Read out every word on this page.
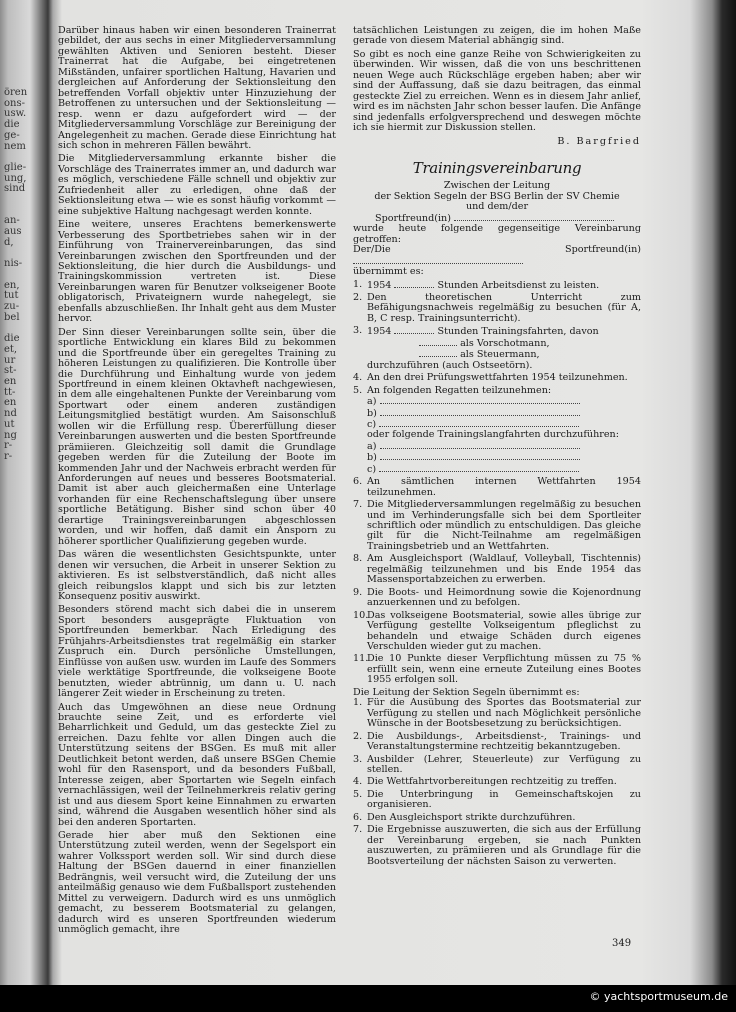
ören
ons-
usw.
die
ge-
nem

glie-
ung,
sind

an-
aus
d,

nis-

en,
tut
zu-
bel

die
et,
ur
st-
en
tt-
en
nd
ut
ng
r-
r-

Darüber hinaus haben wir einen besonderen Trainerrat gebildet, der aus sechs in einer Mitgliederversammlung gewählten Aktiven und Senioren besteht. Dieser Trainerrat hat die Aufgabe, bei eingetretenen Mißständen, unfairer sportlichen Haltung, Havarien und dergleichen auf Anforderung der Sektionsleitung den betreffenden Vorfall objektiv unter Hinzuziehung der Betroffenen zu untersuchen und der Sektionsleitung — resp. wenn er dazu aufgefordert wird — der Mitgliederversammlung Vorschläge zur Bereinigung der Angelegenheit zu machen. Gerade diese Einrichtung hat sich schon in mehreren Fällen bewährt.

Die Mitgliederversammlung erkannte bisher die Vorschläge des Trainerrates immer an, und dadurch war es möglich, verschiedene Fälle schnell und objektiv zur Zufriedenheit aller zu erledigen, ohne daß der Sektionsleitung etwa — wie es sonst häufig vorkommt — eine subjektive Haltung nachgesagt werden konnte.

Eine weitere, unseres Erachtens bemerkenswerte Verbesserung des Sportbetriebes sahen wir in der Einführung von Trainervereinbarungen, das sind Vereinbarungen zwischen den Sportfreunden und der Sektionsleitung, die hier durch die Ausbildungs- und Trainingskommission vertreten ist. Diese Vereinbarungen waren für Benutzer volkseigener Boote obligatorisch, Privateignern wurde nahegelegt, sie ebenfalls abzuschließen. Ihr Inhalt geht aus dem Muster hervor.

Der Sinn dieser Vereinbarungen sollte sein, über die sportliche Entwicklung ein klares Bild zu bekommen und die Sportfreunde über ein geregeltes Training zu höheren Leistungen zu qualifizieren. Die Kontrolle über die Durchführung und Einhaltung wurde von jedem Sportfreund in einem kleinen Oktavheft nachgewiesen, in dem alle eingehaltenen Punkte der Vereinbarung vom Sportwart oder einem anderen zuständigen Leitungsmitglied bestätigt wurden. Am Saisonschluß wollen wir die Erfüllung resp. Übererfüllung dieser Vereinbarungen auswerten und die besten Sportfreunde prämiieren. Gleichzeitig soll damit die Grundlage gegeben werden für die Zuteilung der Boote im kommenden Jahr und der Nachweis erbracht werden für Anforderungen auf neues und besseres Bootsmaterial. Damit ist aber auch gleichermaßen eine Unterlage vorhanden für eine Rechenschaftslegung über unsere sportliche Betätigung. Bisher sind schon über 40 derartige Trainingsvereinbarungen abgeschlossen worden, und wir hoffen, daß damit ein Ansporn zu höherer sportlicher Qualifizierung gegeben wurde.

Das wären die wesentlichsten Gesichtspunkte, unter denen wir versuchen, die Arbeit in unserer Sektion zu aktivieren. Es ist selbstverständlich, daß nicht alles gleich reibungslos klappt und sich bis zur letzten Konsequenz positiv auswirkt.

Besonders störend macht sich dabei die in unserem Sport besonders ausgeprägte Fluktuation von Sportfreunden bemerkbar. Nach Erledigung des Frühjahrs-Arbeitsdienstes trat regelmäßig ein starker Zuspruch ein. Durch persönliche Umstellungen, Einflüsse von außen usw. wurden im Laufe des Sommers viele werktätige Sportfreunde, die volkseigene Boote benutzten, wieder abtrünnig, um dann u. U. nach längerer Zeit wieder in Erscheinung zu treten.

Auch das Umgewöhnen an diese neue Ordnung brauchte seine Zeit, und es erforderte viel Beharrlichkeit und Geduld, um das gesteckte Ziel zu erreichen. Dazu fehlte vor allen Dingen auch die Unterstützung seitens der BSGen. Es muß mit aller Deutlichkeit betont werden, daß unsere BSGen Chemie wohl für den Rasensport, und da besonders Fußball, Interesse zeigen, aber Sportarten wie Segeln einfach vernachlässigen, weil der Teilnehmerkreis relativ gering ist und aus diesem Sport keine Einnahmen zu erwarten sind, während die Ausgaben wesentlich höher sind als bei den anderen Sportarten.

Gerade hier aber muß den Sektionen eine Unterstützung zuteil werden, wenn der Segelsport ein wahrer Volkssport werden soll. Wir sind durch diese Haltung der BSGen dauernd in einer finanziellen Bedrängnis, weil versucht wird, die Zuteilung der uns anteilmäßig genauso wie dem Fußballsport zustehenden Mittel zu verweigern. Dadurch wird es uns unmöglich gemacht, zu besserem Bootsmaterial zu gelangen, dadurch wird es unseren Sportfreunden wiederum unmöglich gemacht, ihre

tatsächlichen Leistungen zu zeigen, die im hohen Maße gerade von diesem Material abhängig sind.

So gibt es noch eine ganze Reihe von Schwierigkeiten zu überwinden. Wir wissen, daß die von uns beschrittenen neuen Wege auch Rückschläge ergeben haben; aber wir sind der Auffassung, daß sie dazu beitragen, das einmal gesteckte Ziel zu erreichen. Wenn es in diesem Jahr anlief, wird es im nächsten Jahr schon besser laufen. Die Anfänge sind jedenfalls erfolgversprechend und deswegen möchte ich sie hiermit zur Diskussion stellen.

B. Bargfried

Trainingsvereinbarung
Zwischen der Leitung
der Sektion Segeln der BSG Berlin der SV Chemie
und dem/der
Sportfreund(in)
wurde heute folgende gegenseitige Vereinbarung getroffen:
Der/Die Sportfreund(in)
übernimmt es:
1. 1954	Stunden Arbeitsdienst zu leisten.
2. Den theoretischen Unterricht zum Befähigungsnachweis regelmäßig zu besuchen (für A, B, C resp. Trainingsunterricht).
3. 1954	Stunden Trainingsfahrten, davon
als Vorschotmann,
als Steuermann,
durchzuführen (auch Ostseetörn).
4. An den drei Prüfungswettfahrten 1954 teilzunehmen.
5. An folgenden Regatten teilzunehmen:
a)
b)
c)
oder folgende Trainingslangfahrten durchzuführen:
a)
b)
c)
6. An sämtlichen internen Wettfahrten 1954 teilzunehmen.
7. Die Mitgliederversammlungen regelmäßig zu besuchen und im Verhinderungsfalle sich bei dem Sportleiter schriftlich oder mündlich zu entschuldigen. Das gleiche gilt für die Nicht-Teilnahme am regelmäßigen Trainingsbetrieb und an Wettfahrten.
8. Am Ausgleichsport (Waldlauf, Volleyball, Tischtennis) regelmäßig teilzunehmen und bis Ende 1954 das Massensportabzeichen zu erwerben.
9. Die Boots- und Heimordnung sowie die Kojenordnung anzuerkennen und zu befolgen.
10.
Das volkseigene Bootsmaterial, sowie alles übrige zur Verfügung gestellte Volkseigentum pfleglichst zu behandeln und etwaige Schäden durch eigenes Verschulden wieder gut zu machen.
11.
Die 10 Punkte dieser Verpflichtung müssen zu 75 % erfüllt sein, wenn eine erneute Zuteilung eines Bootes 1955 erfolgen soll.
Die Leitung der Sektion Segeln übernimmt es:
1. Für die Ausübung des Sportes das Bootsmaterial zur Verfügung zu stellen und nach Möglichkeit persönliche Wünsche in der Bootsbesetzung zu berücksichtigen.
2. Die Ausbildungs-, Arbeitsdienst-, Trainings- und Veranstaltungstermine rechtzeitig bekanntzugeben.
3. Ausbilder (Lehrer, Steuerleute) zur Verfügung zu stellen.
4. Die Wettfahrtvorbereitungen rechtzeitig zu treffen.
5. Die Unterbringung in Gemeinschaftskojen zu organisieren.
6. Den Ausgleichsport strikte durchzuführen.
7. Die Ergebnisse auszuwerten, die sich aus der Erfüllung der Vereinbarung ergeben, sie nach Punkten auszuwerten, zu prämiieren und als Grundlage für die Bootsverteilung der nächsten Saison zu verwerten.
349
© yachtsportmuseum.de
